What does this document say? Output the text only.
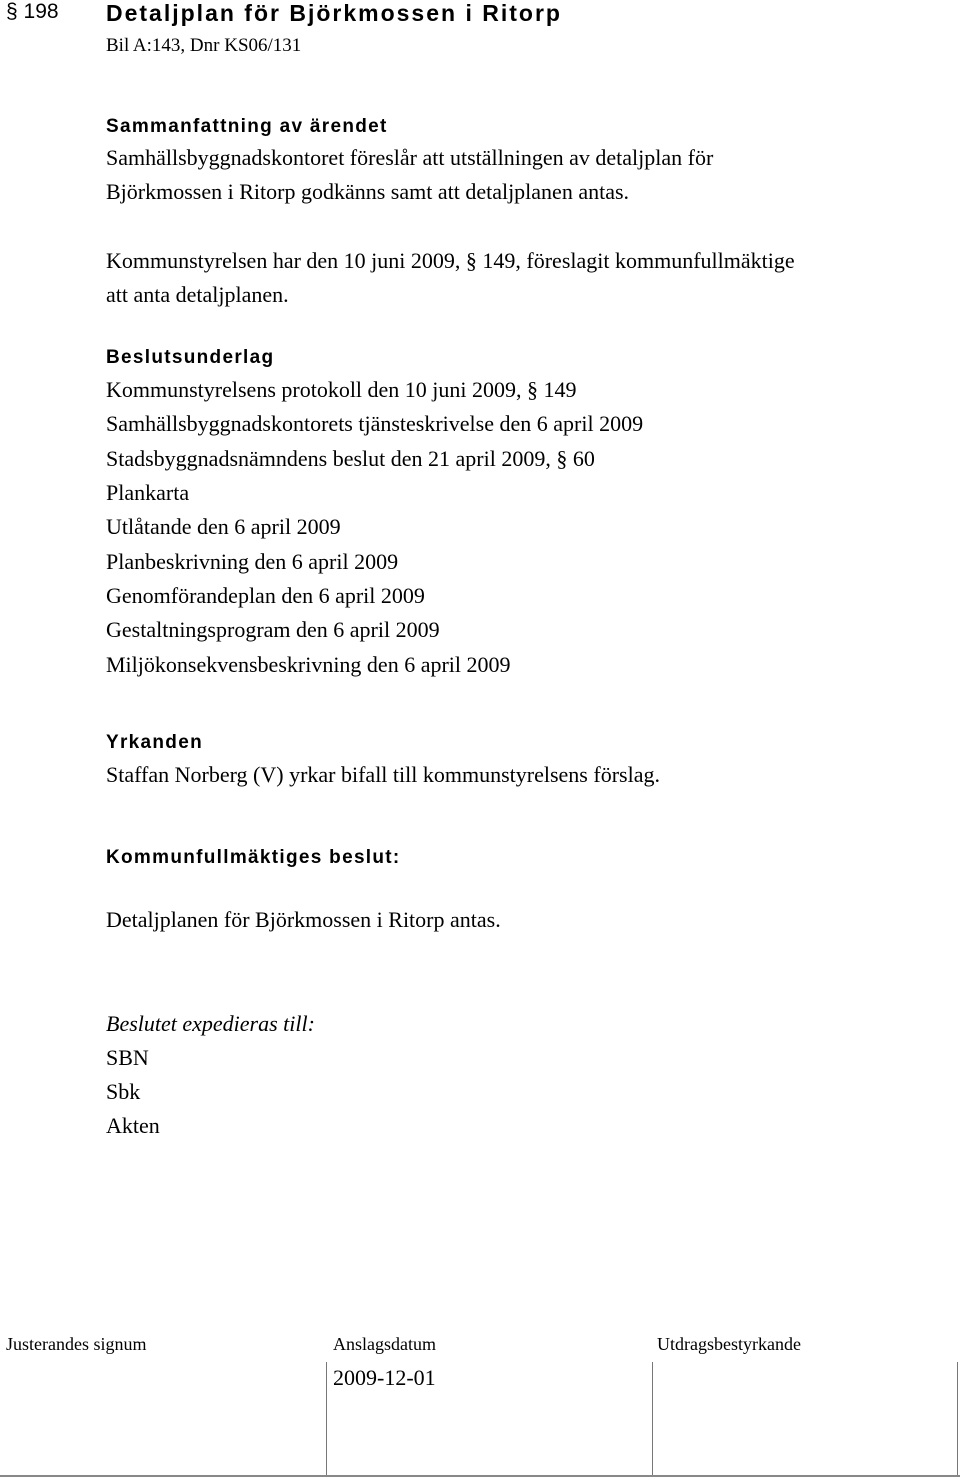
§ 198 Detaljplan för Björkmossen i Ritorp
Bil A:143, Dnr KS06/131
Sammanfattning av ärendet
Samhällsbyggnadskontoret föreslår att utställningen av detaljplan för
Björkmossen i Ritorp godkänns samt att detaljplanen antas.
Kommunstyrelsen har den 10 juni 2009, § 149, föreslagit kommunfullmäktige
att anta detaljplanen.
Beslutsunderlag
Kommunstyrelsens protokoll den 10 juni 2009, § 149
Samhällsbyggnadskontorets tjänsteskrivelse den 6 april 2009
Stadsbyggnadsnämndens beslut den 21 april 2009, § 60
Plankarta
Utlåtande den 6 april 2009
Planbeskrivning den 6 april 2009
Genomförandeplan den 6 april 2009
Gestaltningsprogram den 6 april 2009
Miljökonsekvensbeskrivning den 6 april 2009
Yrkanden
Staffan Norberg (V) yrkar bifall till kommunstyrelsens förslag.
Kommunfullmäktiges beslut:
Detaljplanen för Björkmossen i Ritorp antas.
Beslutet expedieras till:
SBN
Sbk
Akten
Justerandes signum	Anslagsdatum	Utdragsbestyrkande
2009-12-01
